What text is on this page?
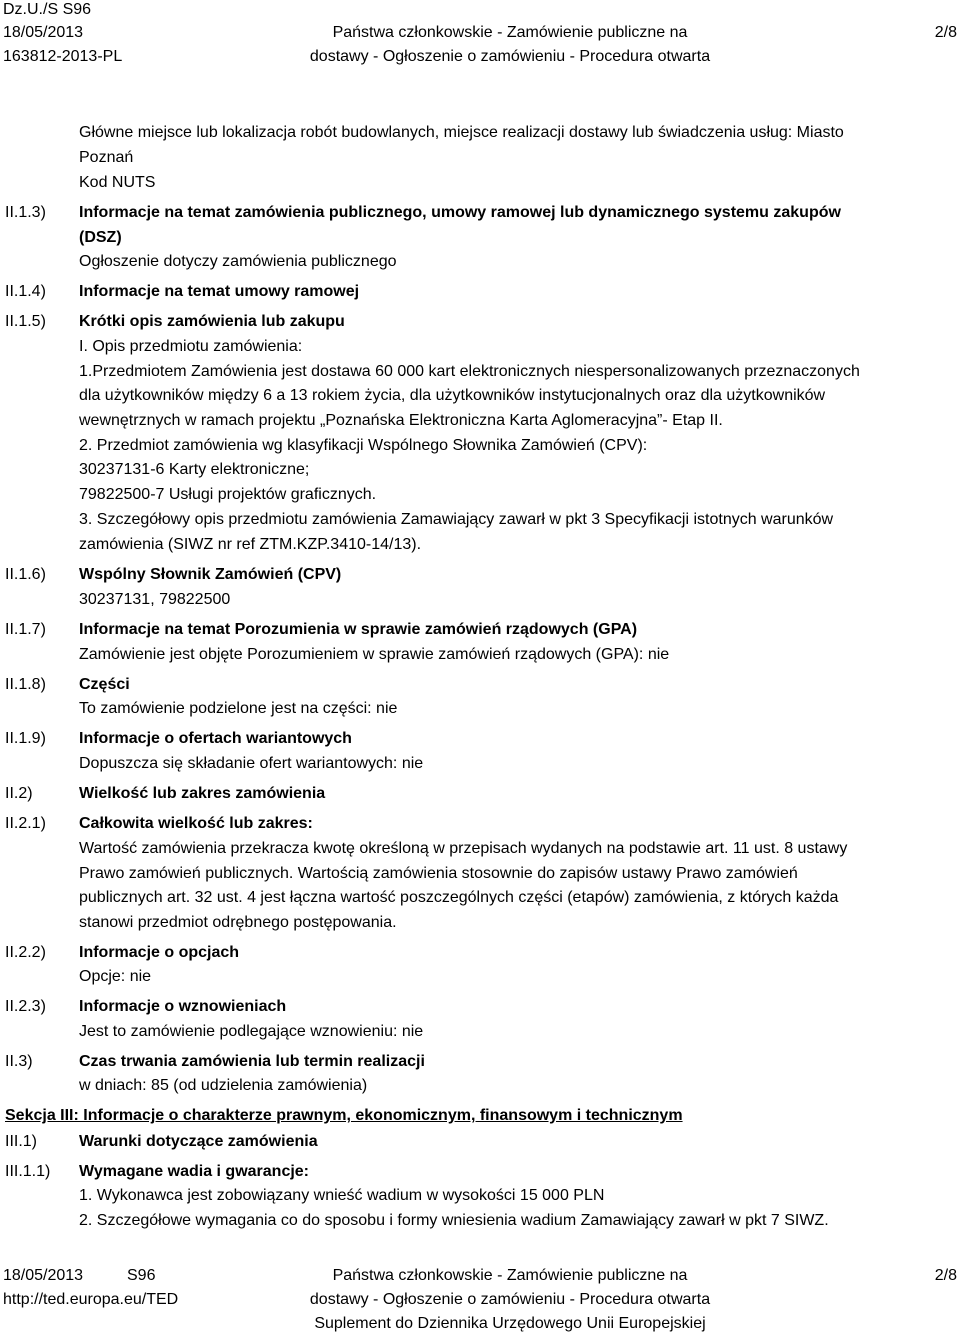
Dz.U./S S96
18/05/2013
163812-2013-PL
Państwa członkowskie - Zamówienie publiczne na
dostawy - Ogłoszenie o zamówieniu - Procedura otwarta
2/8
Główne miejsce lub lokalizacja robót budowlanych, miejsce realizacji dostawy lub świadczenia usług: Miasto
Poznań
Kod NUTS
II.1.3) Informacje na temat zamówienia publicznego, umowy ramowej lub dynamicznego systemu zakupów
(DSZ)
Ogłoszenie dotyczy zamówienia publicznego
II.1.4) Informacje na temat umowy ramowej
II.1.5) Krótki opis zamówienia lub zakupu
I. Opis przedmiotu zamówienia:
1.Przedmiotem Zamówienia jest dostawa 60 000 kart elektronicznych niespersonalizowanych przeznaczonych
dla użytkowników między 6 a 13 rokiem życia, dla użytkowników instytucjonalnych oraz dla użytkowników
wewnętrznych w ramach projektu „Poznańska Elektroniczna Karta Aglomeracyjna”- Etap II.
2. Przedmiot zamówienia wg klasyfikacji Wspólnego Słownika Zamówień (CPV):
30237131-6 Karty elektroniczne;
79822500-7 Usługi projektów graficznych.
3. Szczegółowy opis przedmiotu zamówienia Zamawiający zawarł w pkt 3 Specyfikacji istotnych warunków
zamówienia (SIWZ nr ref ZTM.KZP.3410-14/13).
II.1.6) Wspólny Słownik Zamówień (CPV)
30237131, 79822500
II.1.7) Informacje na temat Porozumienia w sprawie zamówień rządowych (GPA)
Zamówienie jest objęte Porozumieniem w sprawie zamówień rządowych (GPA): nie
II.1.8) Części
To zamówienie podzielone jest na części: nie
II.1.9) Informacje o ofertach wariantowych
Dopuszcza się składanie ofert wariantowych: nie
II.2)	Wielkość lub zakres zamówienia
II.2.1) Całkowita wielkość lub zakres:
Wartość zamówienia przekracza kwotę określoną w przepisach wydanych na podstawie art. 11 ust. 8 ustawy
Prawo zamówień publicznych. Wartością zamówienia stosownie do zapisów ustawy Prawo zamówień
publicznych art. 32 ust. 4 jest łączna wartość poszczególnych części (etapów) zamówienia, z których każda
stanowi przedmiot odrębnego postępowania.
II.2.2) Informacje o opcjach
Opcje: nie
II.2.3) Informacje o wznowieniach
Jest to zamówienie podlegające wznowieniu: nie
II.3)	Czas trwania zamówienia lub termin realizacji
w dniach: 85 (od udzielenia zamówienia)
Sekcja III: Informacje o charakterze prawnym, ekonomicznym, finansowym i technicznym
III.1)	Warunki dotyczące zamówienia
III.1.1) Wymagane wadia i gwarancje:
1. Wykonawca jest zobowiązany wnieść wadium w wysokości 15 000 PLN
2. Szczegółowe wymagania co do sposobu i formy wniesienia wadium Zamawiający zawarł w pkt 7 SIWZ.
18/05/2013	S96
http://ted.europa.eu/TED
Państwa członkowskie - Zamówienie publiczne na
dostawy - Ogłoszenie o zamówieniu - Procedura otwarta
Suplement do Dziennika Urzędowego Unii Europejskiej
2/8
